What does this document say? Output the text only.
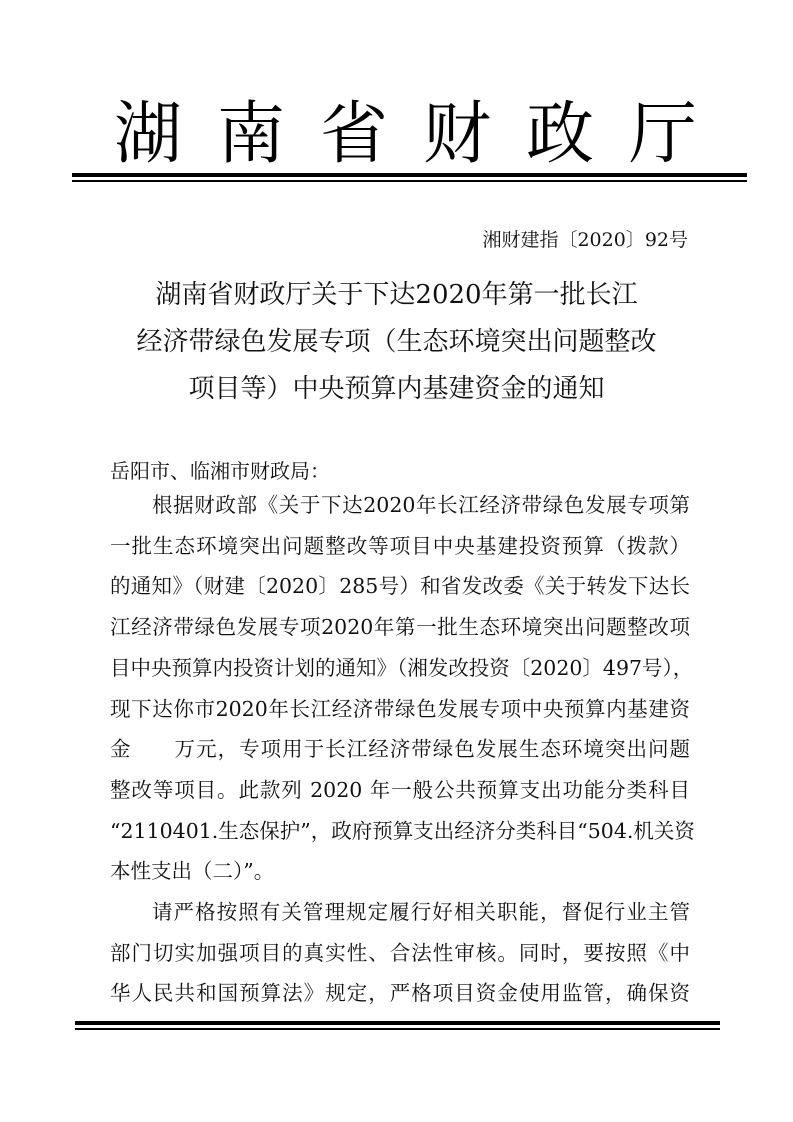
湖 南 省 财 政 厅
湘财建指〔2020〕92号
湖南省财政厅关于下达2020年第一批长江
经济带绿色发展专项（生态环境突出问题整改
项目等）中央预算内基建资金的通知
岳阳市、临湘市财政局：
根据财政部《关于下达2020年长江经济带绿色发展专项第
一批生态环境突出问题整改等项目中央基建投资预算（拨款）
的通知》（财建〔2020〕285号）和省发改委《关于转发下达长
江经济带绿色发展专项2020年第一批生态环境突出问题整改项
目中央预算内投资计划的通知》（湘发改投资〔2020〕497号），
现下达你市2020年长江经济带绿色发展专项中央预算内基建资
金　　万元，专项用于长江经济带绿色发展生态环境突出问题
整改等项目。此款列 2020 年一般公共预算支出功能分类科目
“2110401.生态保护”，政府预算支出经济分类科目“504.机关资
本性支出（二）”。
请严格按照有关管理规定履行好相关职能，督促行业主管
部门切实加强项目的真实性、合法性审核。同时，要按照《中
华人民共和国预算法》规定，严格项目资金使用监管，确保资
